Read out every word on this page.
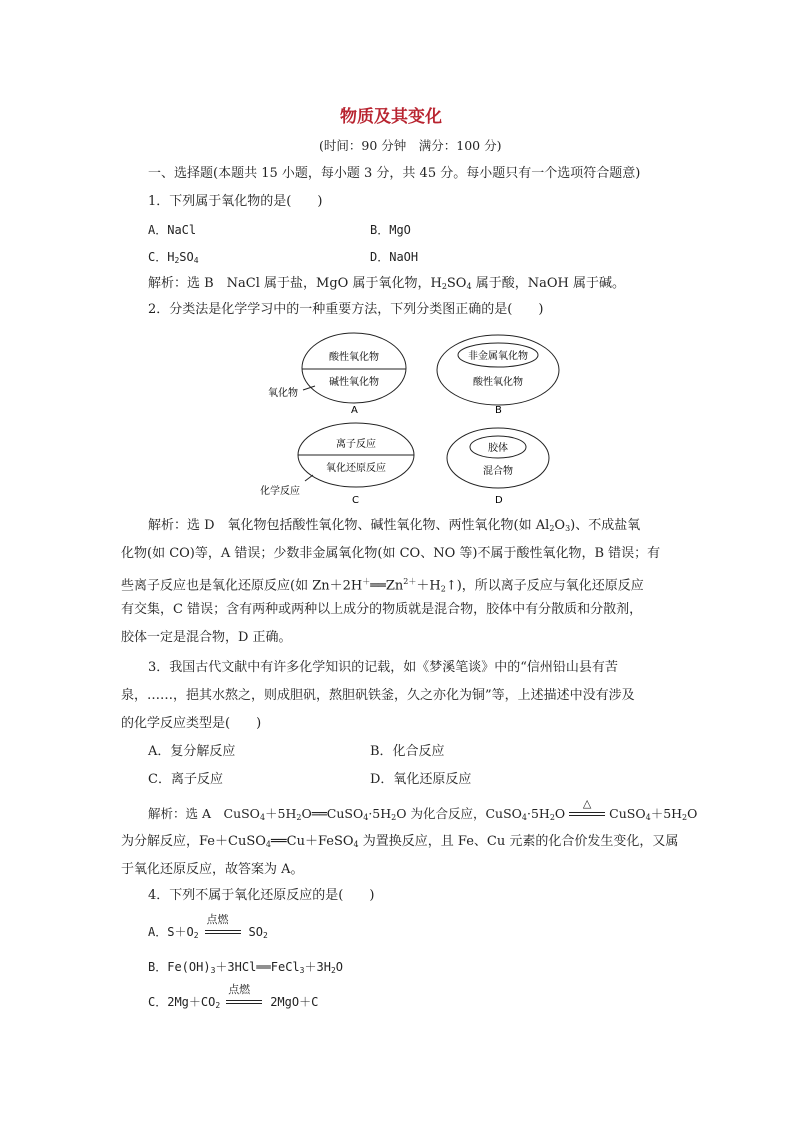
物质及其变化
(时间：90 分钟　满分：100 分)
一、选择题(本题共 15 小题，每小题 3 分，共 45 分。每小题只有一个选项符合题意)
1．下列属于氧化物的是(　　)
A．NaCl	B．MgO
C．$H_2SO_4$	D．NaOH
解析：选 B　NaCl 属于盐，MgO 属于氧化物，$H_2SO_4$ 属于酸，NaOH 属于碱。
2．分类法是化学学习中的一种重要方法，下列分类图正确的是(　　)
酸性氧化物
碱性氧化物
氧化物
A
非金属氧化物
酸性氧化物
B
离子反应
氧化还原反应
化学反应
C
胶体
混合物
D
解析：选 D　氧化物包括酸性氧化物、碱性氧化物、两性氧化物(如 $Al_2O_3$)、不成盐氧
化物(如 CO)等，A 错误；少数非金属氧化物(如 CO、NO 等)不属于酸性氧化物，B 错误；有
些离子反应也是氧化还原反应(如 $Zn+2H^+══Zn^{2+}+H_2↑$)，所以离子反应与氧化还原反应
有交集，C 错误；含有两种或两种以上成分的物质就是混合物，胶体中有分散质和分散剂，
胶体一定是混合物，D 正确。
3．我国古代文献中有许多化学知识的记载，如《梦溪笔谈》中的“信州铅山县有苦
泉，……，挹其水熬之，则成胆矾，熬胆矾铁釜，久之亦化为铜”等，上述描述中没有涉及
的化学反应类型是(　　)
A．复分解反应	B．化合反应
C．离子反应	D．氧化还原反应
解析：选 A　$CuSO_4+5H_2O══CuSO_4\cdot 5H_2O$ 为化合反应，$CuSO_4\cdot 5H_2O$
△
$CuSO_4+5H_2O$
为分解反应，Fe＋CuSO$_4$══Cu＋FeSO$_4$ 为置换反应，且 Fe、Cu 元素的化合价发生变化，又属
于氧化还原反应，故答案为 A。
4．下列不属于氧化还原反应的是(　　)
A．$S+O_2$
点燃
$SO_2$
B．$Fe(OH)_3+3HCl══FeCl_3+3H_2O$
C．$2Mg+CO_2$
点燃
2MgO＋C
